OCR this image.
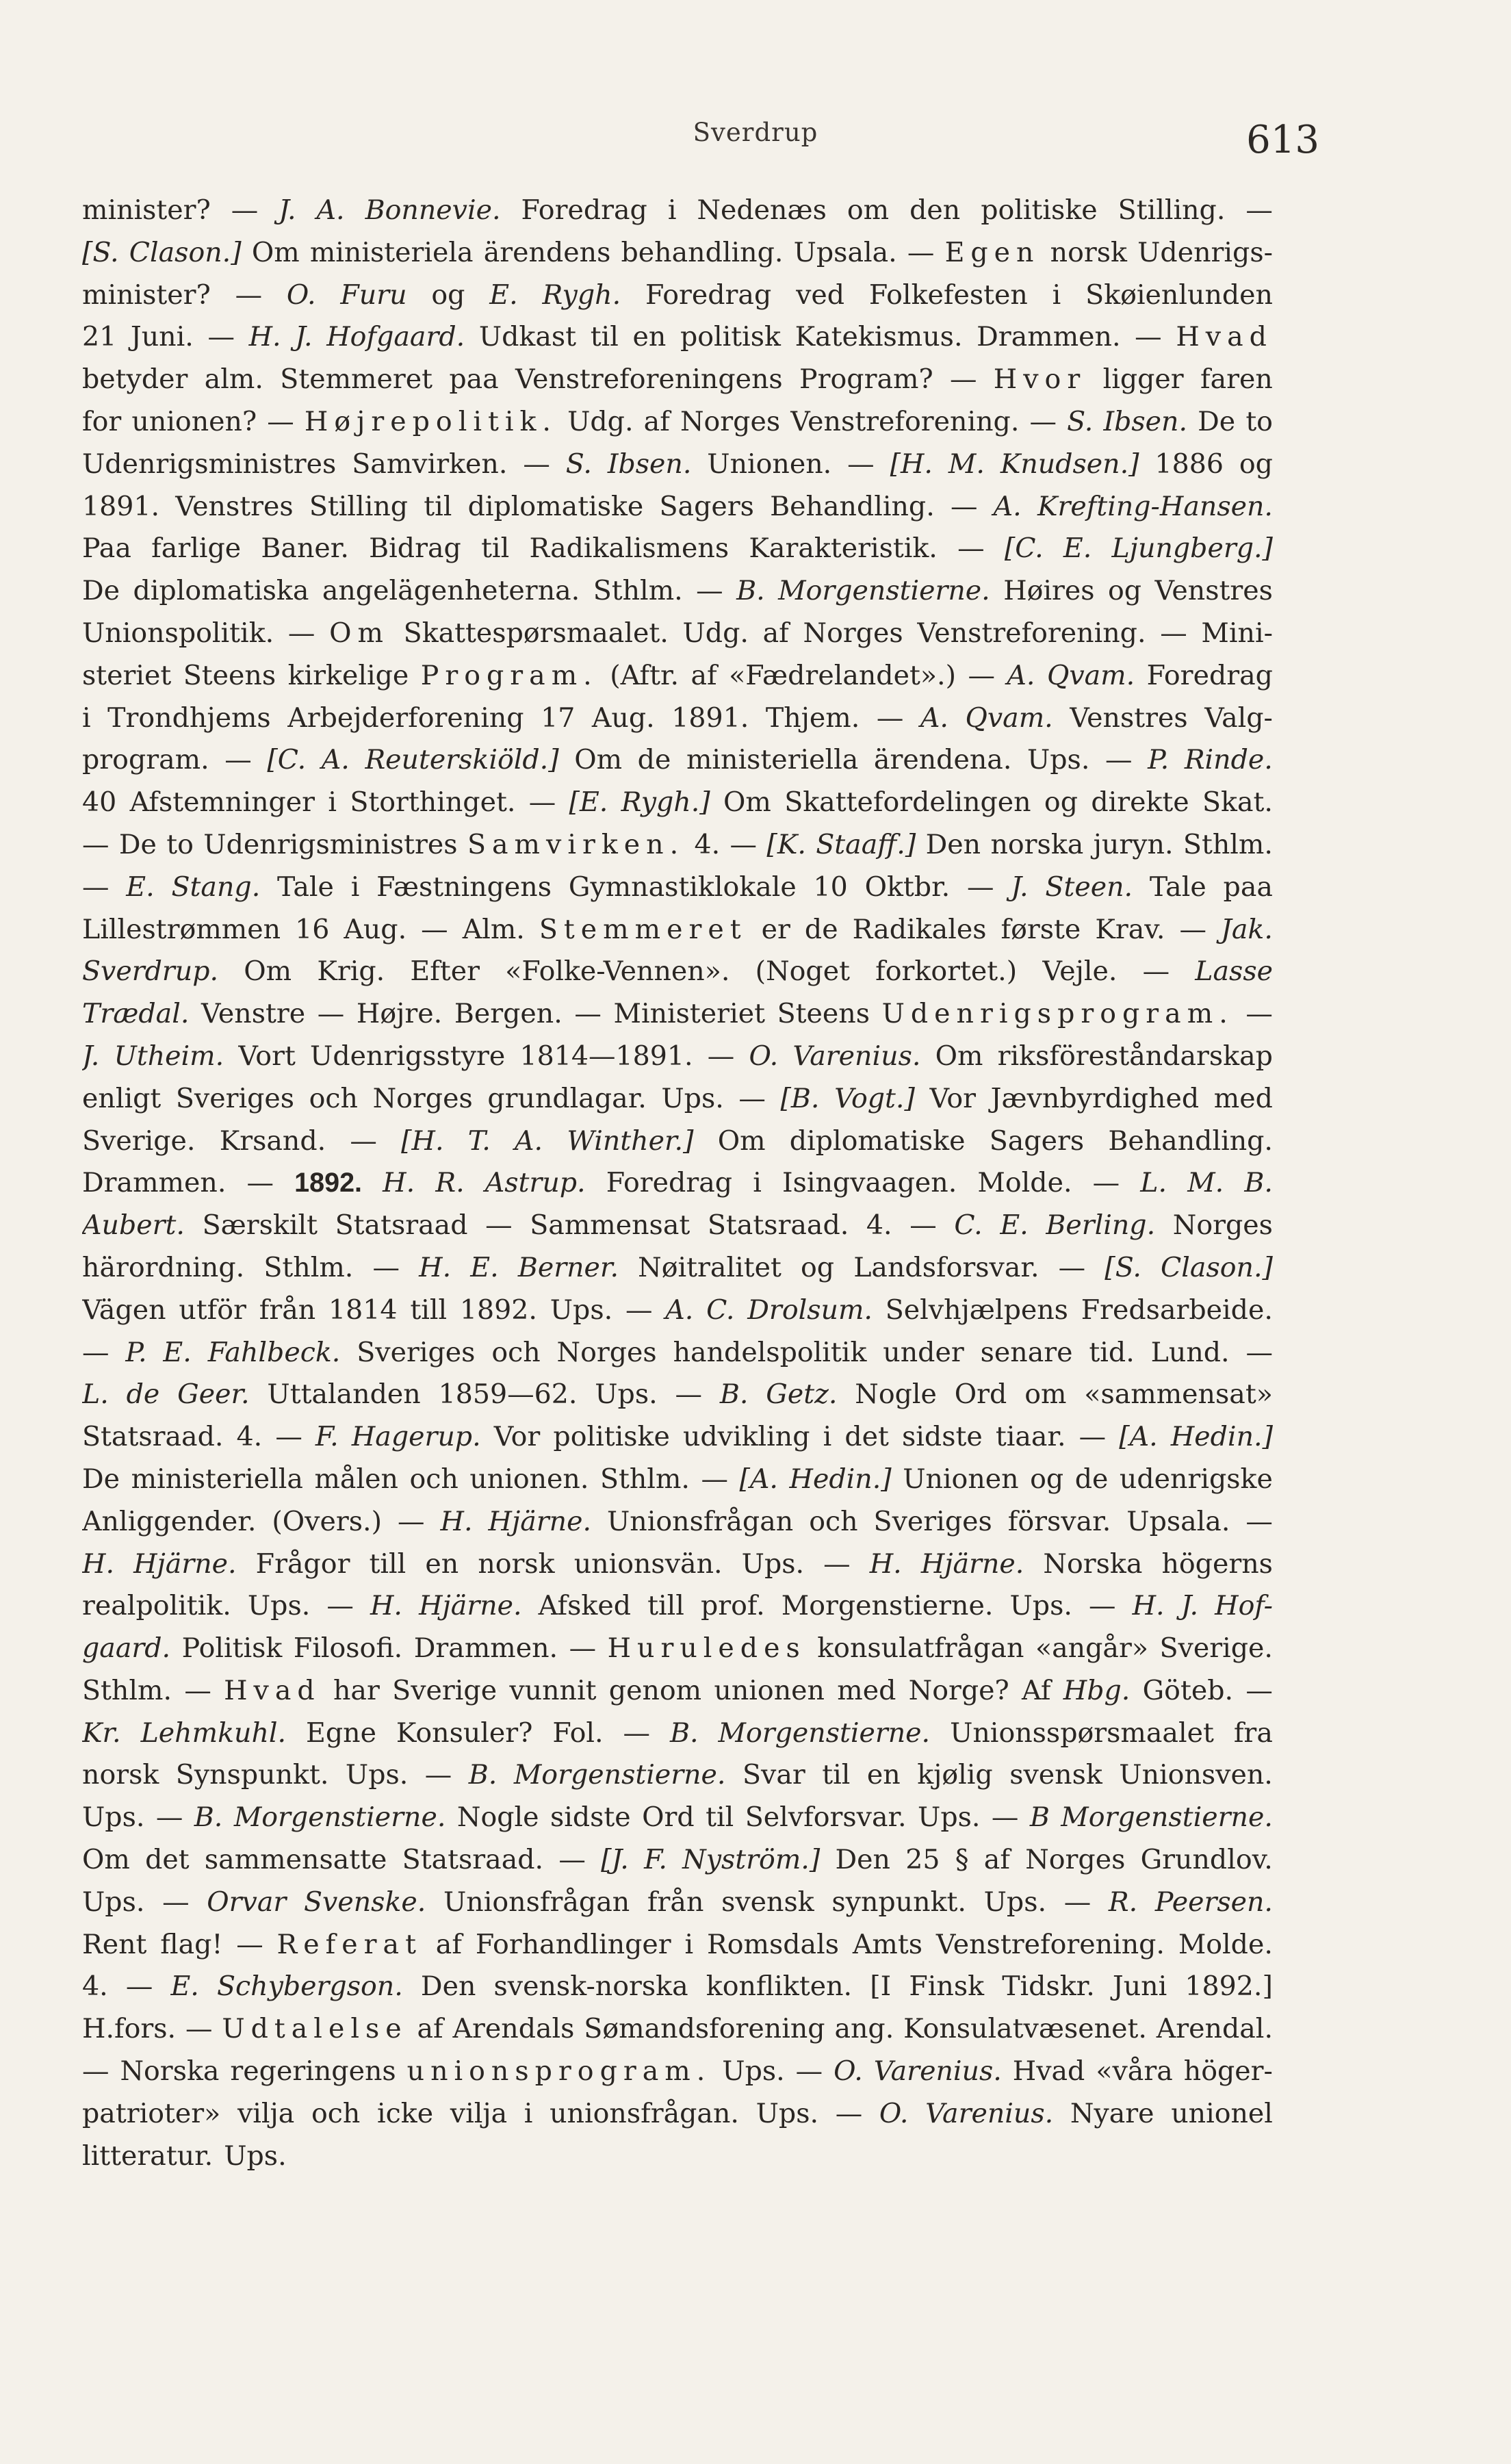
Sverdrup	613
minister? — J. A. Bonnevie. Foredrag i Nedenæs om den politiske Stilling. —
[S. Clason.] Om ministeriela ärendens behandling. Upsala. — Egen norsk Udenrigs-
minister? — O. Furu og E. Rygh. Foredrag ved Folkefesten i Skøienlunden
21 Juni. — H. J. Hofgaard. Udkast til en politisk Katekismus. Drammen. — Hvad
betyder alm. Stemmeret paa Venstreforeningens Program? — Hvor ligger faren
for unionen? — Højrepolitik. Udg. af Norges Venstreforening. — S. Ibsen. De to
Udenrigsministres Samvirken. — S. Ibsen. Unionen. — [H. M. Knudsen.] 1886 og
1891. Venstres Stilling til diplomatiske Sagers Behandling. — A. Krefting-Hansen.
Paa farlige Baner. Bidrag til Radikalismens Karakteristik. — [C. E. Ljungberg.]
De diplomatiska angelägenheterna. Sthlm. — B. Morgenstierne. Høires og Venstres
Unionspolitik. — Om Skattespørsmaalet. Udg. af Norges Venstreforening. — Mini-
steriet Steens kirkelige Program. (Aftr. af «Fædrelandet».) — A. Qvam. Foredrag
i Trondhjems Arbejderforening 17 Aug. 1891. Thjem. — A. Qvam. Venstres Valg-
program. — [C. A. Reuterskiöld.] Om de ministeriella ärendena. Ups. — P. Rinde.
40 Afstemninger i Storthinget. — [E. Rygh.] Om Skattefordelingen og direkte Skat.
— De to Udenrigsministres Samvirken. 4. — [K. Staaff.] Den norska juryn. Sthlm.
— E. Stang. Tale i Fæstningens Gymnastiklokale 10 Oktbr. — J. Steen. Tale paa
Lillestrømmen 16 Aug. — Alm. Stemmeret er de Radikales første Krav. — Jak.
Sverdrup. Om Krig. Efter «Folke-Vennen». (Noget forkortet.) Vejle. — Lasse
Trædal. Venstre — Højre. Bergen. — Ministeriet Steens Udenrigsprogram. —
J. Utheim. Vort Udenrigsstyre 1814—1891. — O. Varenius. Om riksföreståndarskap
enligt Sveriges och Norges grundlagar. Ups. — [B. Vogt.] Vor Jævnbyrdighed med
Sverige. Krsand. — [H. T. A. Winther.] Om diplomatiske Sagers Behandling.
Drammen. — 1892. H. R. Astrup. Foredrag i Isingvaagen. Molde. — L. M. B.
Aubert. Særskilt Statsraad — Sammensat Statsraad. 4. — C. E. Berling. Norges
härordning. Sthlm. — H. E. Berner. Nøitralitet og Landsforsvar. — [S. Clason.]
Vägen utför från 1814 till 1892. Ups. — A. C. Drolsum. Selvhjælpens Fredsarbeide.
— P. E. Fahlbeck. Sveriges och Norges handelspolitik under senare tid. Lund. —
L. de Geer. Uttalanden 1859—62. Ups. — B. Getz. Nogle Ord om «sammensat»
Statsraad. 4. — F. Hagerup. Vor politiske udvikling i det sidste tiaar. — [A. Hedin.]
De ministeriella målen och unionen. Sthlm. — [A. Hedin.] Unionen og de udenrigske
Anliggender. (Overs.) — H. Hjärne. Unionsfrågan och Sveriges försvar. Upsala. —
H. Hjärne. Frågor till en norsk unionsvän. Ups. — H. Hjärne. Norska högerns
realpolitik. Ups. — H. Hjärne. Afsked till prof. Morgenstierne. Ups. — H. J. Hof-
gaard. Politisk Filosofi. Drammen. — Huruledes konsulatfrågan «angår» Sverige.
Sthlm. — Hvad har Sverige vunnit genom unionen med Norge? Af Hbg. Göteb. —
Kr. Lehmkuhl. Egne Konsuler? Fol. — B. Morgenstierne. Unionsspørsmaalet fra
norsk Synspunkt. Ups. — B. Morgenstierne. Svar til en kjølig svensk Unionsven.
Ups. — B. Morgenstierne. Nogle sidste Ord til Selvforsvar. Ups. — B Morgenstierne.
Om det sammensatte Statsraad. — [J. F. Nyström.] Den 25 § af Norges Grundlov.
Ups. — Orvar Svenske. Unionsfrågan från svensk synpunkt. Ups. — R. Peersen.
Rent flag! — Referat af Forhandlinger i Romsdals Amts Venstreforening. Molde.
4. — E. Schybergson. Den svensk-norska konflikten. [I Finsk Tidskr. Juni 1892.]
H.fors. — Udtalelse af Arendals Sømandsforening ang. Konsulatvæsenet. Arendal.
— Norska regeringens unionsprogram. Ups. — O. Varenius. Hvad «våra höger-
patrioter» vilja och icke vilja i unionsfrågan. Ups. — O. Varenius. Nyare unionel
litteratur. Ups.
